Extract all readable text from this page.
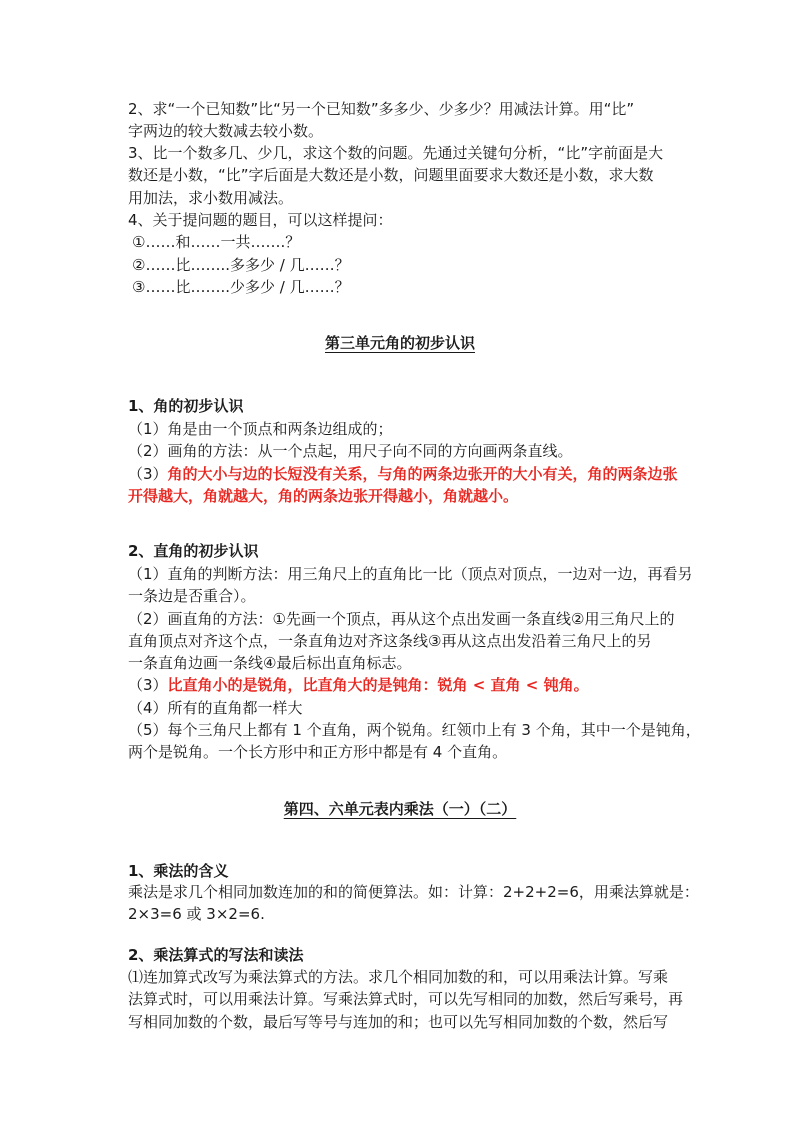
2、求“一个已知数”比“另一个已知数”多多少、少多少？用减法计算。用“比”
字两边的较大数减去较小数。
3、比一个数多几、少几，求这个数的问题。先通过关键句分析，“比”字前面是大
数还是小数，“比”字后面是大数还是小数，问题里面要求大数还是小数，求大数
用加法，求小数用减法。
4、关于提问题的题目，可以这样提问：
①……和……一共…….？
②……比……..多多少 / 几……？
③……比……..少多少 / 几……？
第三单元角的初步认识
1、角的初步认识
（1）角是由一个顶点和两条边组成的；
（2）画角的方法：从一个点起，用尺子向不同的方向画两条直线。
（3）角的大小与边的长短没有关系，与角的两条边张开的大小有关，角的两条边张
开得越大，角就越大，角的两条边张开得越小，角就越小。
2、直角的初步认识
（1）直角的判断方法：用三角尺上的直角比一比（顶点对顶点，一边对一边，再看另
一条边是否重合）。
（2）画直角的方法：①先画一个顶点，再从这个点出发画一条直线②用三角尺上的
直角顶点对齐这个点，一条直角边对齐这条线③再从这点出发沿着三角尺上的另
一条直角边画一条线④最后标出直角标志。
（3）比直角小的是锐角，比直角大的是钝角：锐角 < 直角 < 钝角。
（4）所有的直角都一样大
（5）每个三角尺上都有 1 个直角，两个锐角。红领巾上有 3 个角，其中一个是钝角，
两个是锐角。一个长方形中和正方形中都是有 4 个直角。
第四、六单元表内乘法（一）（二）
1、乘法的含义
乘法是求几个相同加数连加的和的简便算法。如：计算：2+2+2=6，用乘法算就是：
2×3=6 或 3×2=6.
2、乘法算式的写法和读法
⑴连加算式改写为乘法算式的方法。求几个相同加数的和，可以用乘法计算。写乘
法算式时，可以用乘法计算。写乘法算式时，可以先写相同的加数，然后写乘号，再
写相同加数的个数，最后写等号与连加的和；也可以先写相同加数的个数，然后写
